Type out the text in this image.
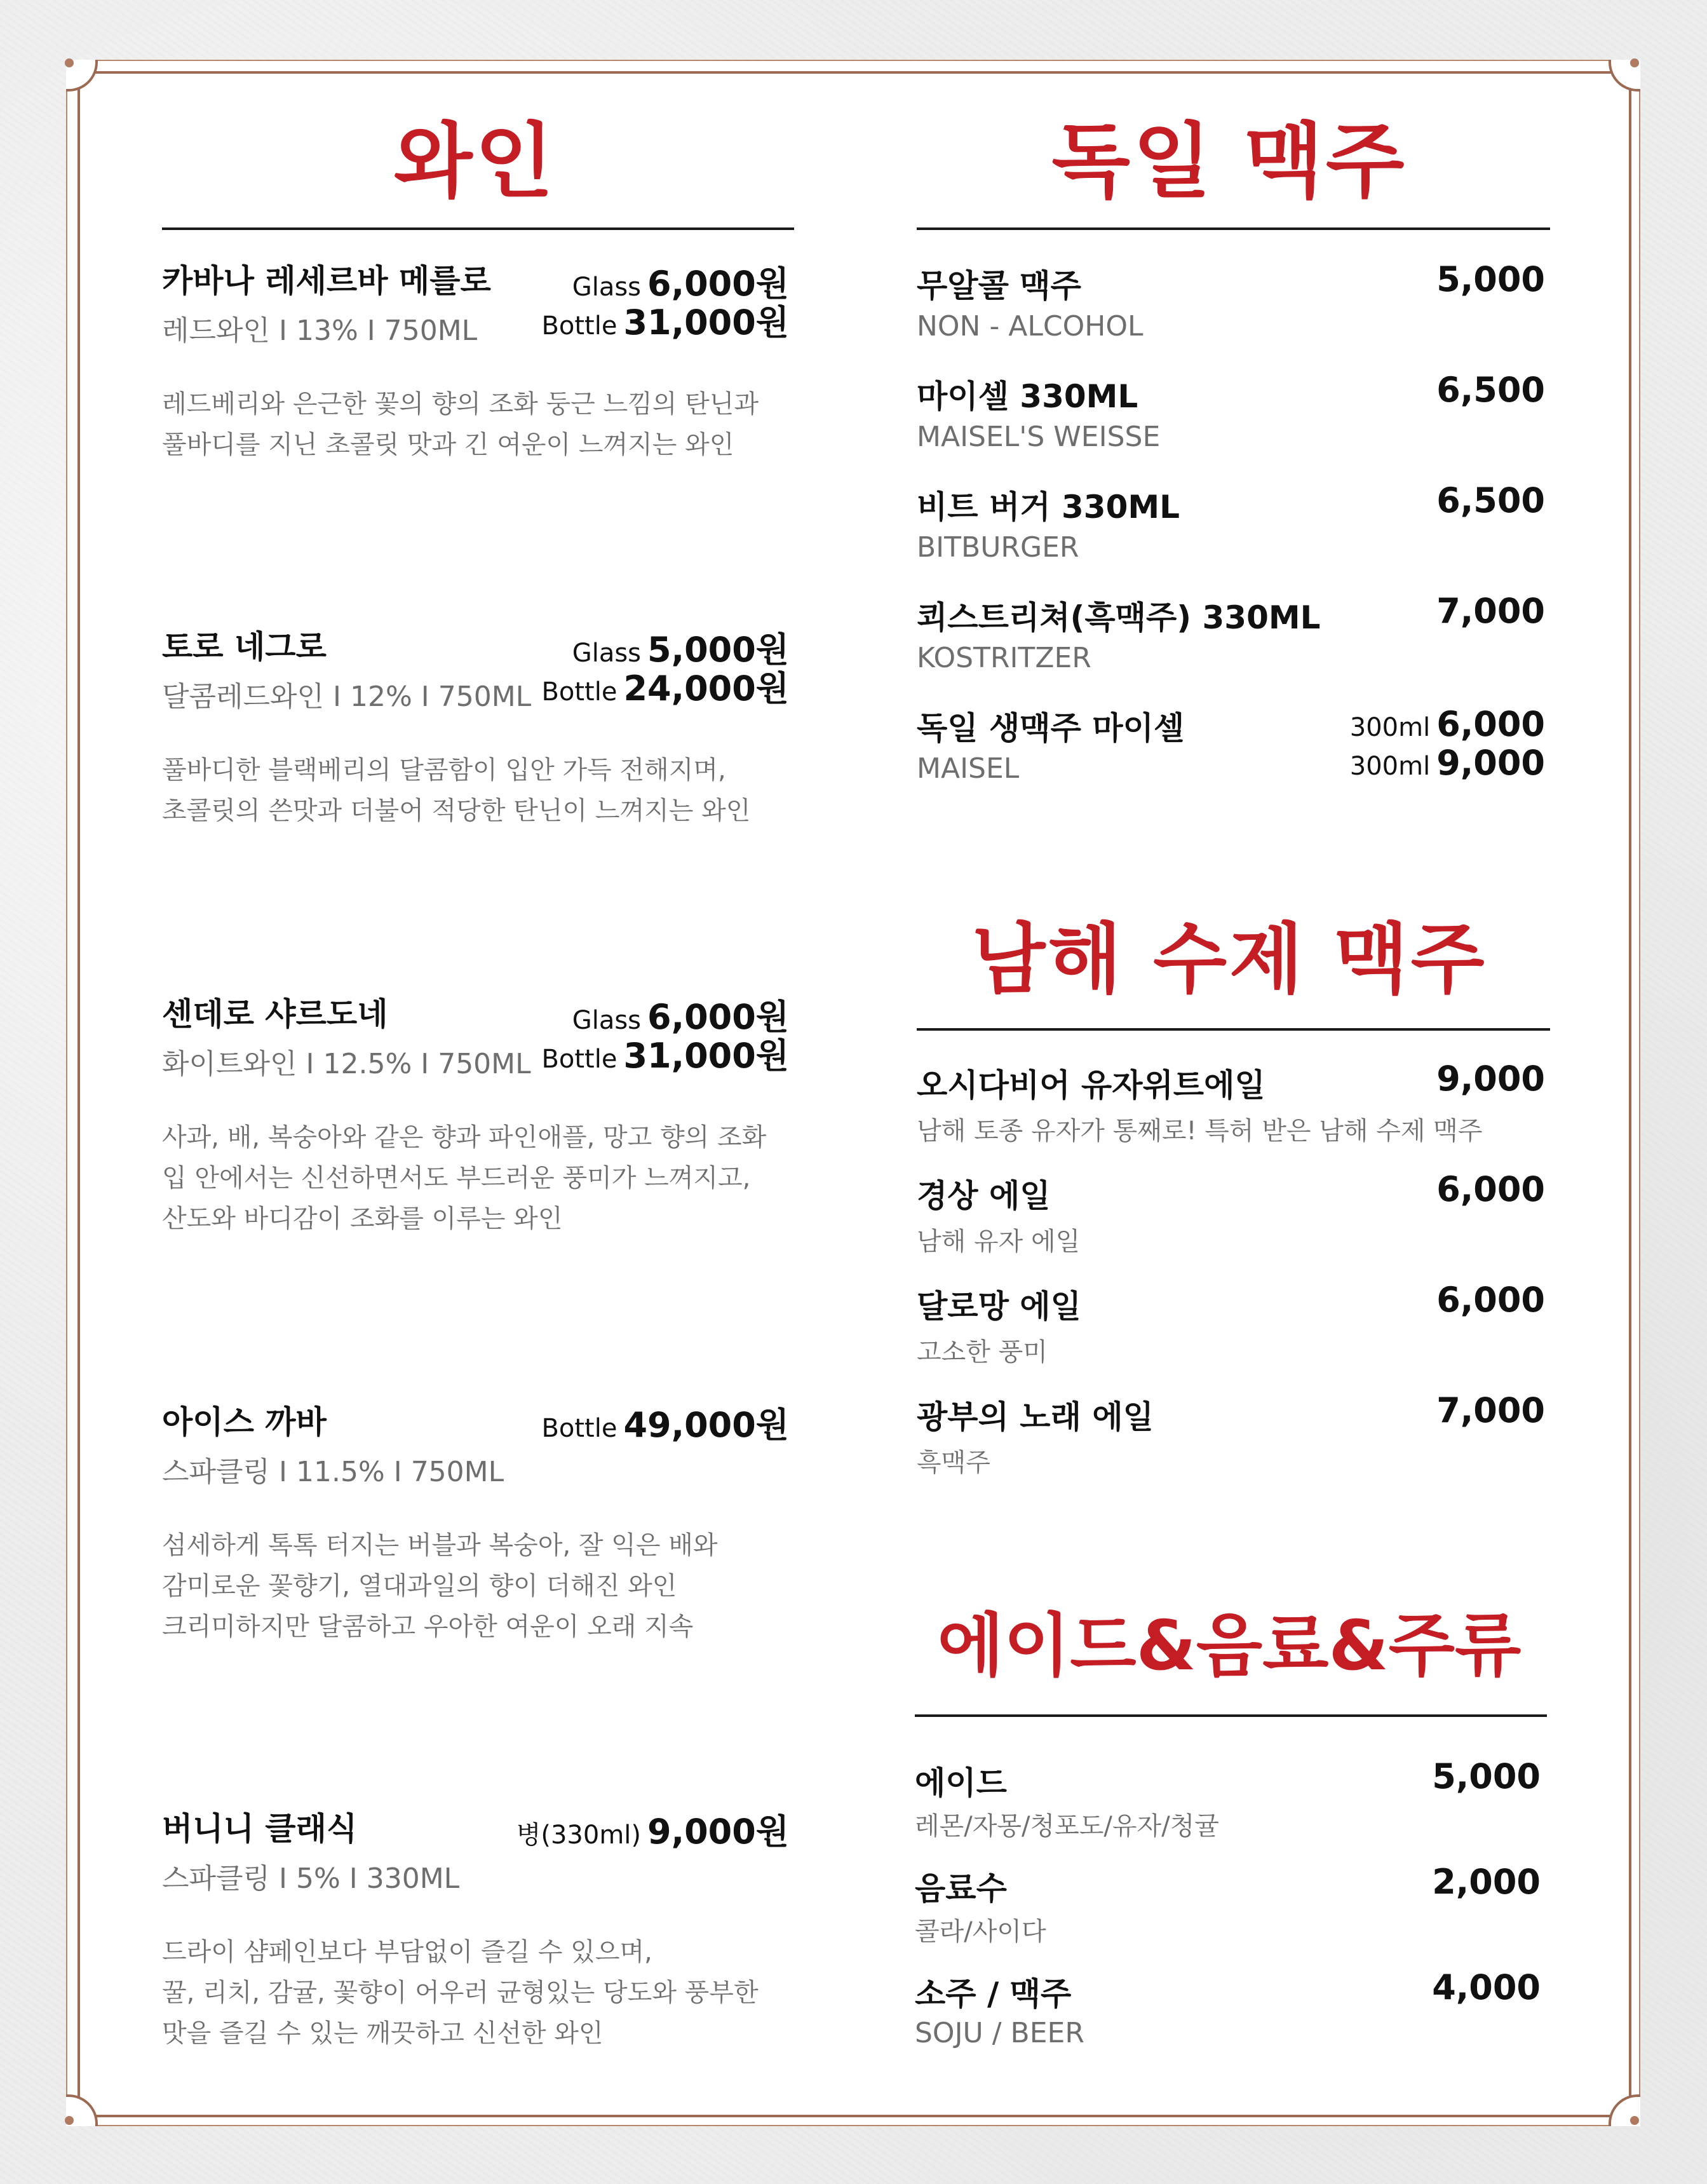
와인
카바나 레세르바 메를로
레드와인 I 13% I 750ML
Glass 6,000원
Bottle 31,000원
레드베리와 은근한 꽃의 향의 조화 둥근 느낌의 탄닌과
풀바디를 지닌 초콜릿 맛과 긴 여운이 느껴지는 와인
토로 네그로
달콤레드와인 I 12% I 750ML
Glass 5,000원
Bottle 24,000원
풀바디한 블랙베리의 달콤함이 입안 가득 전해지며,
초콜릿의 쓴맛과 더불어 적당한 탄닌이 느껴지는 와인
센데로 샤르도네
화이트와인 I 12.5% I 750ML
Glass 6,000원
Bottle 31,000원
사과, 배, 복숭아와 같은 향과 파인애플, 망고 향의 조화
입 안에서는 신선하면서도 부드러운 풍미가 느껴지고,
산도와 바디감이 조화를 이루는 와인
아이스 까바
스파클링 I 11.5% I 750ML
Bottle 49,000원
섬세하게 톡톡 터지는 버블과 복숭아, 잘 익은 배와
감미로운 꽃향기, 열대과일의 향이 더해진 와인
크리미하지만 달콤하고 우아한 여운이 오래 지속
버니니 클래식
스파클링 I 5% I 330ML
병(330ml) 9,000원
드라이 샴페인보다 부담없이 즐길 수 있으며,
꿀, 리치, 감귤, 꽃향이 어우러 균형있는 당도와 풍부한
맛을 즐길 수 있는 깨끗하고 신선한 와인
독일 맥주
무알콜 맥주	5,000
NON - ALCOHOL
마이셀 330ML	6,500
MAISEL'S WEISSE
비트 버거 330ML	6,500
BITBURGER
쾨스트리쳐(흑맥주) 330ML	7,000
KOSTRITZER
독일 생맥주 마이셀	300ml 6,000
300ml 9,000
MAISEL
남해 수제 맥주
오시다비어 유자위트에일	9,000
남해 토종 유자가 통째로! 특허 받은 남해 수제 맥주
경상 에일	6,000
남해 유자 에일
달로망 에일	6,000
고소한 풍미
광부의 노래 에일	7,000
흑맥주
에이드&음료&주류
에이드	5,000
레몬/자몽/청포도/유자/청귤
음료수	2,000
콜라/사이다
소주 / 맥주	4,000
SOJU / BEER
